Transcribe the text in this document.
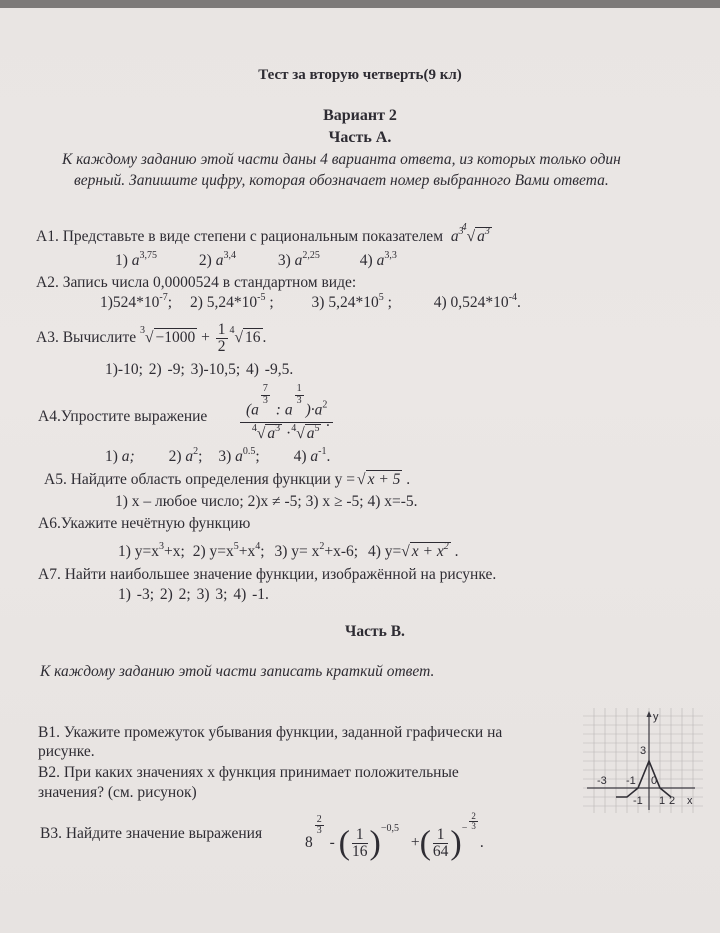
Тест за вторую четверть(9 кл)
Вариант 2
Часть А.
К каждому заданию этой части даны 4 варианта ответа, из которых только один
верный. Запишите цифру, которая обозначает номер выбранного Вами ответа.
А1. Представьте в виде степени с рациональным показателем $a^{34}√$ $a^3$
1) $a^{3,75}$	2) $a^{3,4}$	3) $a^{2,25}$	4) $a^{3,3}$
А2. Запись числа 0,0000524 в стандартном виде:
$1)524*10^{-7}$; 2) $5,24*10^{-5}$ ; 3) $5,24*10^5$ ;	4) $0,524*10^{-4}$.
А3. Вычислите $^3√ -1000 + \frac{1}{2} ^4√$ 16 .
1)-10; 2) -9; 3)-10,5; 4) -9,5.
А4.Упростите выражение	(a
$\frac{7}{3}$
: a
$\frac{1}{3}$
)$\cdot a^2$
$^4$√ $a^3 \cdot^4√$ $a^5$ .
1) a; 2) $a^2$; 3) $a^{0.5}$; 4) $a^{-1}$.
А5. Найдите область определения функции у = √ x + 5 .
1) х – любое число; 2)х ≠ -5; 3) х ≥ -5; 4) х=-5.
А6.Укажите нечётную функцию
1) $у=х^3+х$; 2) $у=х^5+х^4$; 3) $у= х^2+х-6$; 4) у=√ $x + x^2$ .
А7. Найти наибольшее значение функции, изображённой на рисунке.
1) -3; 2) 2; 3) 3; 4) -1.
Часть В.
К каждому заданию этой части записать краткий ответ.
В1. Укажите промежуток убывания функции, заданной графически на
рисунке.
В2. При каких значениях х функция принимает положительные
значения? (см. рисунок)
В3. Найдите значение выражения
8
$\frac{2}{3}$
- ( $\frac{1}{16} )^{-0,5}$ +( $\frac{1}{64} )^- \frac{2}{3}$
.
y
x
3
-3 -1 0
-1 1 2
